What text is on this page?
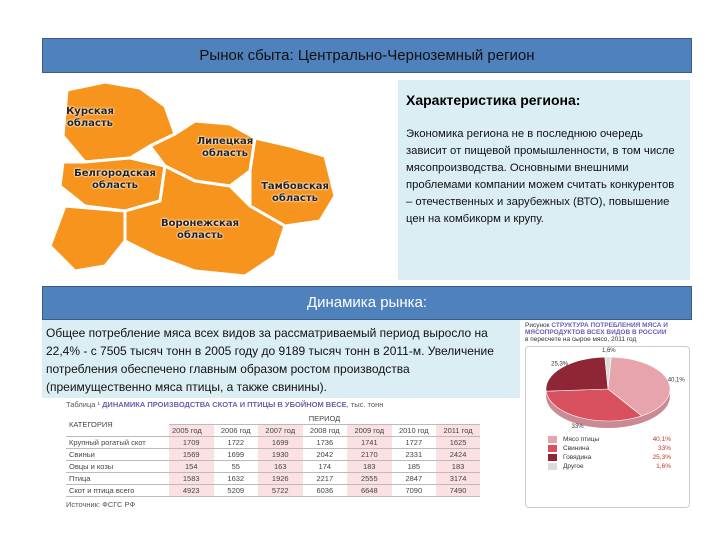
Рынок сбыта: Центрально-Черноземный регион
Курская область
Липецкая область
Белгородская область	Тамбовская область
Воронежская область
Характеристика региона:

Экономика региона не в последнюю очередь зависит от пищевой промышленности, в том числе мясопроизводства. Основными внешними проблемами компании можем считать конкурентов – отечественных и зарубежных (ВТО), повышение цен на комбикорм и крупу.

Динамика рынка:
Общее потребление мяса всех видов за рассматриваемый период выросло на 22,4% - с 7505 тысяч тонн в 2005 году до 9189 тысяч тонн в 2011-м. Увеличение потребления обеспечено главным образом ростом производства (преимущественно мяса птицы, а также свинины).
Таблица ¹ ДИНАМИКА ПРОИЗВОДСТВА СКОТА И ПТИЦЫ В УБОЙНОМ ВЕСЕ, тыс. тонн
КАТЕГОРИЯ	ПЕРИОД						
	2005 год	2006 год	2007 год	2008 год	2009 год	2010 год	2011 год
Крупный рогатый скот	1709	1722	1699	1736	1741	1727	1625
Свиньи	1569	1699	1930	2042	2170	2331	2424
Овцы и козы	154	55	163	174	183	185	183
Птица	1583	1632	1926	2217	2555	2847	3174
Скот и птица всего	4923	5209	5722	6036	6648	7090	7490
Источник: ФСГС РФ
Рисунок СТРУКТУРА ПОТРЕБЛЕНИЯ МЯСА И МЯСОПРОДУКТОВ ВСЕХ ВИДОВ В РОССИИ
в пересчете на сырое мясо, 2011 год
40,1%
33%
25,3%
1,6%
Мясо птицы	40,1%
Свинина	33%
Говядина	25,3%
Другое	1,6%
